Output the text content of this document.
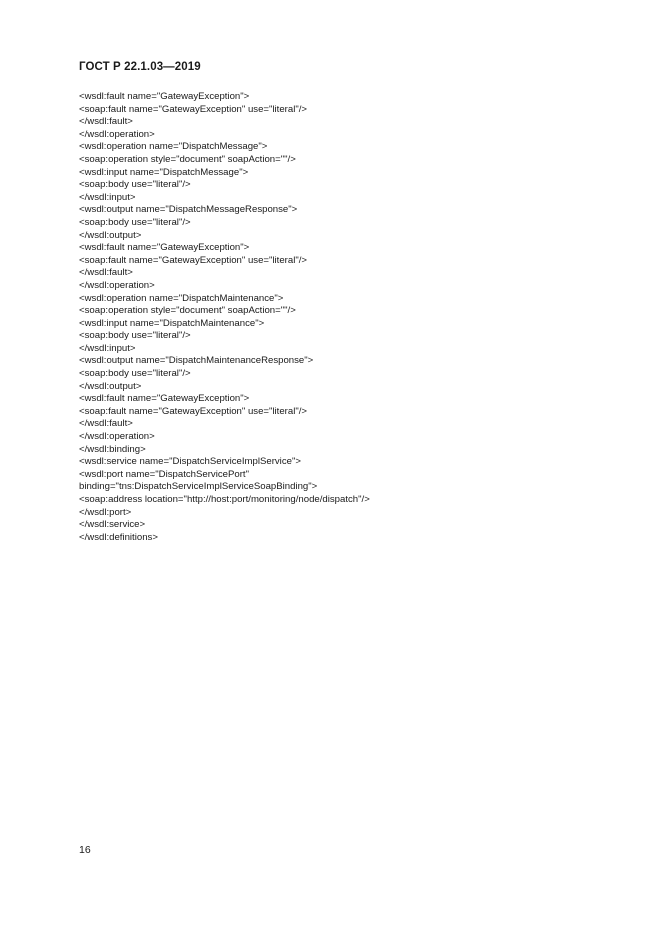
ГОСТ Р 22.1.03—2019
<wsdl:fault name="GatewayException">
<soap:fault name="GatewayException" use="literal"/>
</wsdl:fault>
</wsdl:operation>
<wsdl:operation name="DispatchMessage">
<soap:operation style="document" soapAction=""/>
<wsdl:input name="DispatchMessage">
<soap:body use="literal"/>
</wsdl:input>
<wsdl:output name="DispatchMessageResponse">
<soap:body use="literal"/>
</wsdl:output>
<wsdl:fault name="GatewayException">
<soap:fault name="GatewayException" use="literal"/>
</wsdl:fault>
</wsdl:operation>
<wsdl:operation name="DispatchMaintenance">
<soap:operation style="document" soapAction=""/>
<wsdl:input name="DispatchMaintenance">
<soap:body use="literal"/>
</wsdl:input>
<wsdl:output name="DispatchMaintenanceResponse">
<soap:body use="literal"/>
</wsdl:output>
<wsdl:fault name="GatewayException">
<soap:fault name="GatewayException" use="literal"/>
</wsdl:fault>
</wsdl:operation>
</wsdl:binding>
<wsdl:service name="DispatchServiceImplService">
<wsdl:port name="DispatchServicePort"
binding="tns:DispatchServiceImplServiceSoapBinding">
<soap:address location="http://host:port/monitoring/node/dispatch"/>
</wsdl:port>
</wsdl:service>
</wsdl:definitions>
16
